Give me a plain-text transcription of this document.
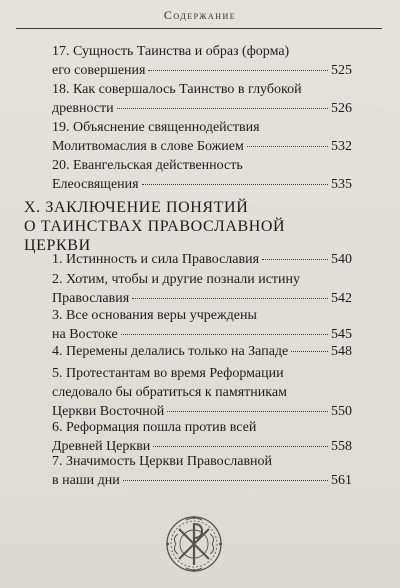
Содержание
17. Сущность Таинства и образ (форма)
его совершения	525
18. Как совершалось Таинство в глубокой
древности	526
19. Объяснение священнодействия
Молитвомаслия в слове Божием	532
20. Евангельская действенность
Елеосвящения	535
X. ЗАКЛЮЧЕНИЕ ПОНЯТИЙ
О ТАИНСТВАХ ПРАВОСЛАВНОЙ
ЦЕРКВИ
1. Истинность и сила Православия	540
2. Хотим, чтобы и другие познали истину
Православия	542
3. Все основания веры учреждены
на Востоке	545
4. Перемены делались только на Западе	548
5. Протестантам во время Реформации
следовало бы обратиться к памятникам
Церкви Восточной	550
6. Реформация пошла против всей
Древней Церкви	558
7. Значимость Церкви Православной
в наши дни	561
